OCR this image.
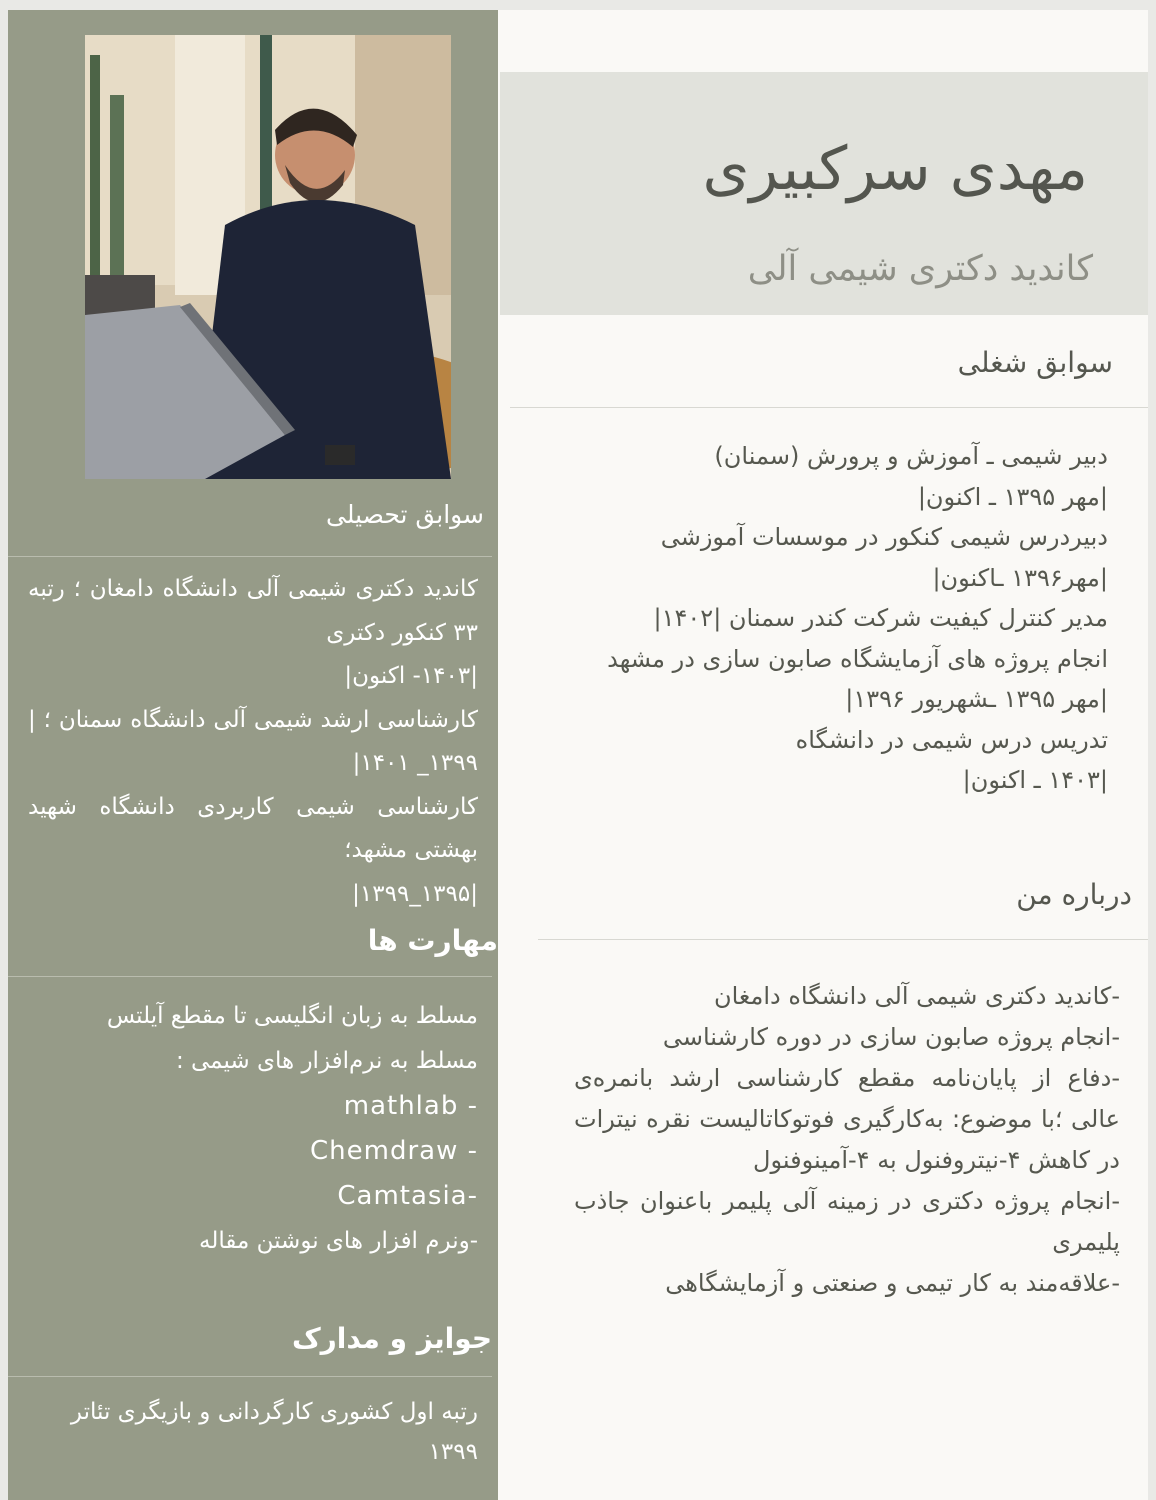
سوابق تحصیلی

کاندید دکتری شیمی آلی دانشگاه دامغان ؛ رتبه ۳۳ کنکور دکتری

|۱۴۰۳- اکنون|

کارشناسی ارشد شیمی آلی دانشگاه سمنان ؛ |۱۳۹۹_ ۱۴۰۱|

کارشناسی شیمی کاربردی دانشگاه شهید بهشتی مشهد؛

|۱۳۹۵_۱۳۹۹|

مهارت ها

مسلط به زبان انگلیسی تا مقطع آیلتس

مسلط به نرم‌افزار های شیمی :

mathlab -

Chemdraw -

Camtasia-

-ونرم افزار های نوشتن مقاله

جوایز و مدارک

رتبه اول کشوری کارگردانی و بازیگری تئاتر ۱۳۹۹

مهدی سرکبیری
کاندید دکتری شیمی آلی
سوابق شغلی

دبیر شیمی ـ آموزش و پرورش (سمنان)

|مهر ۱۳۹۵ ـ اکنون|

دبیردرس شیمی کنکور در موسسات آموزشی

|مهر۱۳۹۶ ـاکنون|

مدیر کنترل کیفیت شرکت کندر سمنان |۱۴۰۲|

انجام پروژه های آزمایشگاه صابون سازی در مشهد

|مهر ۱۳۹۵ ـشهریور ۱۳۹۶|

تدریس درس شیمی در دانشگاه

|۱۴۰۳ ـ اکنون|

درباره من

-کاندید دکتری شیمی آلی دانشگاه دامغان

-انجام پروژه صابون سازی در دوره کارشناسی

-دفاع از پایان‌نامه مقطع کارشناسی ارشد بانمره‌ی عالی ؛با موضوع: به‌کارگیری فوتوکاتالیست نقره نیترات در کاهش ۴-نیتروفنول به ۴-آمینوفنول

-انجام پروژه دکتری در زمینه آلی پلیمر باعنوان جاذب پلیمری

-علاقه‌مند به کار تیمی و صنعتی و آزمایشگاهی
